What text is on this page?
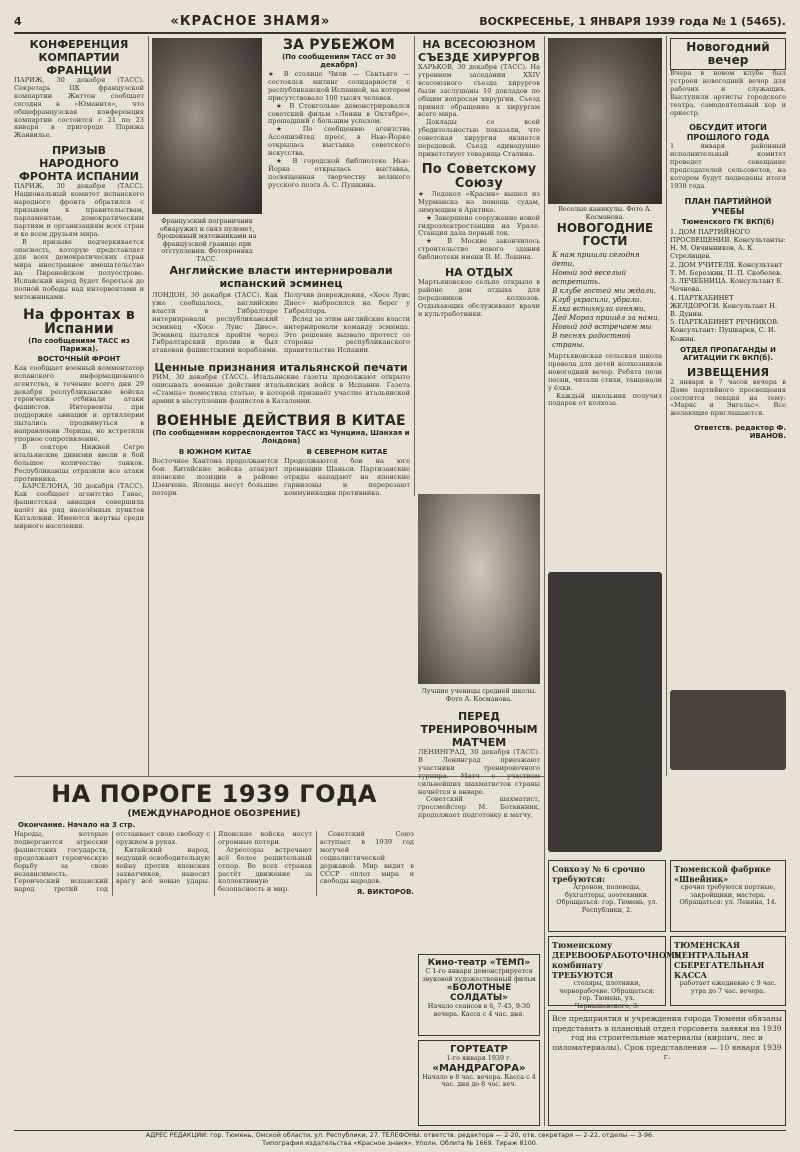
4	«КРАСНОЕ ЗНАМЯ»	ВОСКРЕСЕНЬЕ, 1 ЯНВАРЯ 1939 года № 1 (5465).
КОНФЕРЕНЦИЯ КОМПАРТИИ ФРАНЦИИ

ПАРИЖ, 30 декабря (ТАСС). Секретарь ЦК французской компартии Життон сообщает сегодня в «Юманите», что общефранцузская конференция компартии состоится с 21 по 23 января в пригороде Парижа Жанвилье.

ПРИЗЫВ НАРОДНОГО ФРОНТА ИСПАНИИ

ПАРИЖ, 30 декабря (ТАСС). Национальный комитет испанского народного фронта обратился с призывом к правительствам, парламентам, демократическим партиям и организациям всех стран и ко всем друзьям мира.

В призыве подчеркивается опасность, которую представляет для всех демократических стран мира иностранное вмешательство на Пиренейском полуострове. Испанский народ будет бороться до полной победы над интервентами и мятежниками.

На фронтах в Испании
(По сообщениям ТАСС из Парижа).
ВОСТОЧНЫЙ ФРОНТ

Как сообщает военный комментатор испанского информационного агентства, в течение всего дня 29 декабря республиканские войска героически отбивали атаки фашистов. Интервенты при поддержке авиации и артиллерии пытались продвинуться в направлении Лериды, но встретили упорное сопротивление.

В секторе Нижней Сегре итальянские дивизии ввели в бой большое количество танков. Республиканцы отразили все атаки противника.

БАРСЕЛОНА, 30 декабря (ТАСС). Как сообщает агентство Гавас, фашистская авиация совершила налёт на ряд населённых пунктов Каталонии. Имеются жертвы среди мирного населения.

Французский пограничник обнаружил и снял пулемет, брошенный мятежниками на французской границе при отступлении. Фотохроника ТАСС.
Английские власти интернировали испанский эсминец

ЛОНДОН, 30 декабря (ТАСС). Как уже сообщалось, английские власти в Гибралтаре интернировали республиканский эсминец «Хосе Луис Диес». Эсминец пытался пройти через Гибралтарский пролив и был атакован фашистскими кораблями. Получив повреждения, «Хосе Луис Диес» выбросился на берег у Гибралтара.

Вслед за этим английские власти интернировали команду эсминца. Это решение вызвало протест со стороны республиканского правительства Испании.

Ценные признания итальянской печати

РИМ, 30 декабря (ТАСС). Итальянские газеты продолжают открыто описывать военные действия итальянских войск в Испании. Газета «Стампа» поместила статью, в которой признаёт участие итальянской армии в наступлении фашистов в Каталонии.

ВОЕННЫЕ ДЕЙСТВИЯ В КИТАЕ
(По сообщениям корреспондентов ТАСС из Чунцина, Шанхая и Лондона)
В ЮЖНОМ КИТАЕ

Восточнее Кантона продолжаются бои. Китайские войска атакуют японские позиции в районе Цзенчена. Японцы несут большие потери.

В СЕВЕРНОМ КИТАЕ

Продолжаются бои на юге провинции Шаньси. Партизанские отряды нападают на японские гарнизоны и перерезают коммуникации противника.

ЗА РУБЕЖОМ
(По сообщениям ТАСС от 30 декабря)

★ В столице Чили — Сантьяго — состоялся митинг солидарности с республиканской Испанией, на котором присутствовало 100 тысяч человек.

★ В Стокгольме демонстрировался советский фильм «Ленин в Октябре», прошедший с большим успехом.

★ По сообщению агентства Ассошиэйтед пресс, в Нью-Йорке открылась выставка советского искусства.

★ В городской библиотеке Нью-Йорка открылась выставка, посвященная творчеству великого русского поэта А. С. Пушкина.

НА ВСЕСОЮЗНОМ СЪЕЗДЕ ХИРУРГОВ

ХАРЬКОВ, 30 декабря (ТАСС). На утреннем заседании XXIV всесоюзного съезда хирургов были заслушаны 10 докладов по общим вопросам хирургии. Съезд принял обращение к хирургам всего мира.

Доклады со всей убедительностью показали, что советская хирургия является передовой. Съезд единодушно приветствует товарища Сталина.

По Советскому Союзу

★ Ледокол «Красин» вышел из Мурманска на помощь судам, зимующим в Арктике.

★ Завершено сооружение новой гидроэлектростанции на Урале. Станция дала первый ток.

★ В Москве закончилось строительство нового здания библиотеки имени В. И. Ленина.

НА ОТДЫХ

Мартьяновское сельпо открыло в районе дом отдыха для передовиков колхозов. Отдыхающих обслуживают врачи и культработники.

Лучшие ученицы средней школы. Фото А. Косманова.
ПЕРЕД ТРЕНИРОВОЧНЫМ МАТЧЕМ

ЛЕНИНГРАД, 30 декабря (ТАСС). В Ленинград приезжают участники тренировочного турнира. Матч с участием сильнейших шахматистов страны начнётся в январе.

Советский шахматист, гроссмейстер М. Ботвинник, продолжает подготовку к матчу.

Веселые каникулы. Фото А. Косманова.
НОВОГОДНИЕ ГОСТИ
К нам пришли сегодня дети,
Новый год веселый встретить.
В клубе гостей мы ждали,
Клуб украсили, убрали.
Елка вспыхнула огнями,
Дед Мороз пришёл за нами,
Новый год встречаем мы
В песнях радостной страны.

Мартьяновская сельская школа провела для детей колхозников новогодний вечер. Ребята пели песни, читали стихи, танцевали у ёлки.

Каждый школьник получил подарок от колхоза.

Новогодний вечер

Вчера в новом клубе был устроен новогодний вечер для рабочих и служащих. Выступили артисты городского театра, самодеятельный хор и оркестр.

ОБСУДИТ ИТОГИ ПРОШЛОГО ГОДА

1 января районный исполнительный комитет проведет совещание председателей сельсоветов, на котором будут подведены итоги 1938 года.

ПЛАН ПАРТИЙНОЙ УЧЕБЫ
Тюменского ГК ВКП(б)

1. ДОМ ПАРТИЙНОГО ПРОСВЕЩЕНИЯ. Консультанты: Н. М. Овчинников, А. К. Стрелищев.

2. ДОМ УЧИТЕЛЯ. Консультант Т. М. Березкин, П. П. Скобелев.

3. ЛЕЧЕБНИЦА. Консультант Е. Чечнова.

4. ПАРТКАБИНЕТ ЖЕЛДОРОГИ. Консультант Н. В. Дунин.

5. ПАРТКАБИНЕТ РЕЧНИКОВ. Консультант: Пушкарев, С. И. Кожин.

ОТДЕЛ ПРОПАГАНДЫ И АГИТАЦИИ ГК ВКП(б).
ИЗВЕЩЕНИЯ

2 января в 7 часов вечера в Доме партийного просвещения состоится лекция на тему: «Маркс и Энгельс». Все желающие приглашаются.

Ответств. редактор Ф. ИВАНОВ.
НА ПОРОГЕ 1939 ГОДА
(МЕЖДУНАРОДНОЕ ОБОЗРЕНИЕ)
Окончание. Начало на 3 стр.

Народы, которые подвергаются агрессии фашистских государств, продолжают героическую борьбу за свою независимость. Героический испанский народ третий год отстаивает свою свободу с оружием в руках.

Китайский народ, ведущий освободительную войну против японских захватчиков, наносит врагу всё новые удары. Японские войска несут огромные потери.

Агрессоры встречают всё более решительный отпор. Во всех странах растёт движение за коллективную безопасность и мир.

Советский Союз вступает в 1939 год могучей социалистической державой. Мир видит в СССР оплот мира и свободы народов.

Я. ВИКТОРОВ.
Кино-театр «ТЕМП»
С 1-го января демонстрируется звуковой художественный фильм
«БОЛОТНЫЕ СОЛДАТЫ»
Начало сеансов в 6, 7-45, 9-30 вечера. Касса с 4 час. дня.
ГОРТЕАТР
1-го января 1939 г.
«МАНДРАГОРА»
Начало в 8 час. вечера. Касса с 4 час. дня до 8 час. веч.
Совхозу № 6 срочно требуются:
Агроном, полеводы, бухгалтеры, зоотехники. Обращаться: гор. Тюмень, ул. Республики, 2.
Тюменскому ДЕРЕВООБРАБОТОЧНОМУ комбинату ТРЕБУЮТСЯ
столяры, плотники, чернорабочие. Обращаться: гор. Тюмень, ул. Чернышевского, 3.
Тюменской фабрике «Швейник»
срочно требуются портные, закройщики, мастера. Обращаться: ул. Ленина, 14.
ТЮМЕНСКАЯ ЦЕНТРАЛЬНАЯ СБЕРЕГАТЕЛЬНАЯ КАССА
работает ежедневно с 9 час. утра до 7 час. вечера.

Все предприятия и учреждения города Тюмени обязаны представить в плановый отдел горсовета заявки на 1939 год на строительные материалы (кирпич, лес и пиломатериалы). Срок представления — 10 января 1939 г.

АДРЕС РЕДАКЦИИ: гор. Тюмень, Омской области, ул. Республики, 27. ТЕЛЕФОНЫ: ответств. редактора — 2-20, отв. секретаря — 2-22, отделы — 3-96.
Типография издательства «Красное знамя». Уполн. Облита № 1669. Тираж 8100.
